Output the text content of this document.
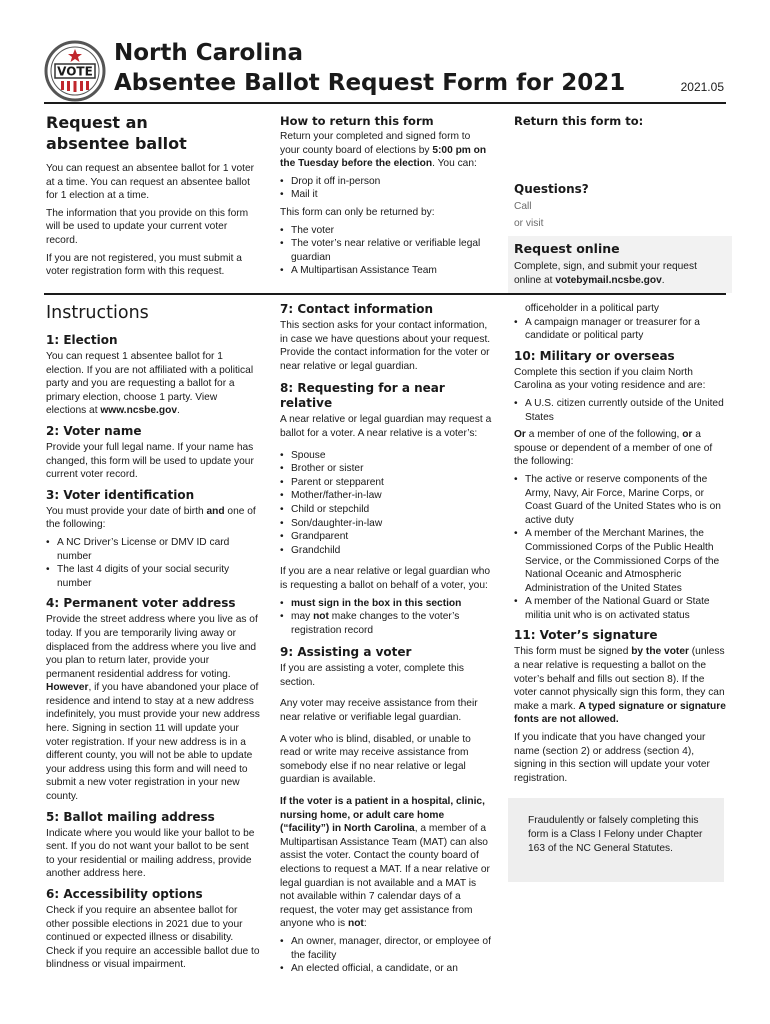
VOTE
North Carolina
Absentee Ballot Request Form for 2021	2021.05
Request an absentee ballot

You can request an absentee ballot for 1 voter at a time. You can request an absentee ballot for 1 election at a time.

The information that you provide on this form will be used to update your current voter record.

If you are not registered, you must submit a voter registration form with this request.

How to return this form

Return your completed and signed form to your county board of elections by 5:00 pm on the Tuesday before the election. You can:

• Drop it off in-person
• Mail it

This form can only be returned by:

• The voter
• The voter’s near relative or verifiable legal guardian
• A Multipartisan Assistance Team
Return this form to:
Questions?

Call

or visit

Request online

Complete, sign, and submit your request online at votebymail.ncsbe.gov.

Instructions
1: Election

You can request 1 absentee ballot for 1 election. If you are not affiliated with a political party and you are requesting a ballot for a primary election, choose 1 party. View elections at www.ncsbe.gov.

2: Voter name

Provide your full legal name. If your name has changed, this form will be used to update your current voter record.

3: Voter identification

You must provide your date of birth and one of the following:

• A NC Driver’s License or DMV ID card number
• The last 4 digits of your social security number
4: Permanent voter address

Provide the street address where you live as of today. If you are temporarily living away or displaced from the address where you live and you plan to return later, provide your permanent residential address for voting. However, if you have abandoned your place of residence and intend to stay at a new address indefinitely, you must provide your new address here. Signing in section 11 will update your voter registration. If your new address is in a different county, you will not be able to update your address using this form and will need to submit a new voter registration in your new county.

5: Ballot mailing address

Indicate where you would like your ballot to be sent. If you do not want your ballot to be sent to your residential or mailing address, provide another address here.

6: Accessibility options

Check if you require an absentee ballot for other possible elections in 2021 due to your continued or expected illness or disability. Check if you require an accessible ballot due to blindness or visual impairment.

7: Contact information

This section asks for your contact information, in case we have questions about your request. Provide the contact information for the voter or near relative or legal guardian.

8: Requesting for a near relative

A near relative or legal guardian may request a ballot for a voter. A near relative is a voter’s:

• Spouse
• Brother or sister
• Parent or stepparent
• Mother/father-in-law
• Child or stepchild
• Son/daughter-in-law
• Grandparent
• Grandchild

If you are a near relative or legal guardian who is requesting a ballot on behalf of a voter, you:

• must sign in the box in this section
• may not make changes to the voter’s registration record
9: Assisting a voter

If you are assisting a voter, complete this section.

Any voter may receive assistance from their near relative or verifiable legal guardian.

A voter who is blind, disabled, or unable to read or write may receive assistance from somebody else if no near relative or legal guardian is available.

If the voter is a patient in a hospital, clinic, nursing home, or adult care home (“facility”) in North Carolina, a member of a Multipartisan Assistance Team (MAT) can also assist the voter. Contact the county board of elections to request a MAT. If a near relative or legal guardian is not available and a MAT is not available within 7 calendar days of a request, the voter may get assistance from anyone who is not:

• An owner, manager, director, or employee of the facility
• An elected official, a candidate, or an
officeholder in a political party
• A campaign manager or treasurer for a candidate or political party
10: Military or overseas

Complete this section if you claim North Carolina as your voting residence and are:

• A U.S. citizen currently outside of the United States

Or a member of one of the following, or a spouse or dependent of a member of one of the following:

• The active or reserve components of the Army, Navy, Air Force, Marine Corps, or Coast Guard of the United States who is on active duty
• A member of the Merchant Marines, the Commissioned Corps of the Public Health Service, or the Commissioned Corps of the National Oceanic and Atmospheric Administration of the United States
• A member of the National Guard or State militia unit who is on activated status
11: Voter’s signature

This form must be signed by the voter (unless a near relative is requesting a ballot on the voter’s behalf and fills out section 8). If the voter cannot physically sign this form, they can make a mark. A typed signature or signature fonts are not allowed.

If you indicate that you have changed your name (section 2) or address (section 4), signing in this section will update your voter registration.

Fraudulently or falsely completing this form is a Class I Felony under Chapter 163 of the NC General Statutes.
